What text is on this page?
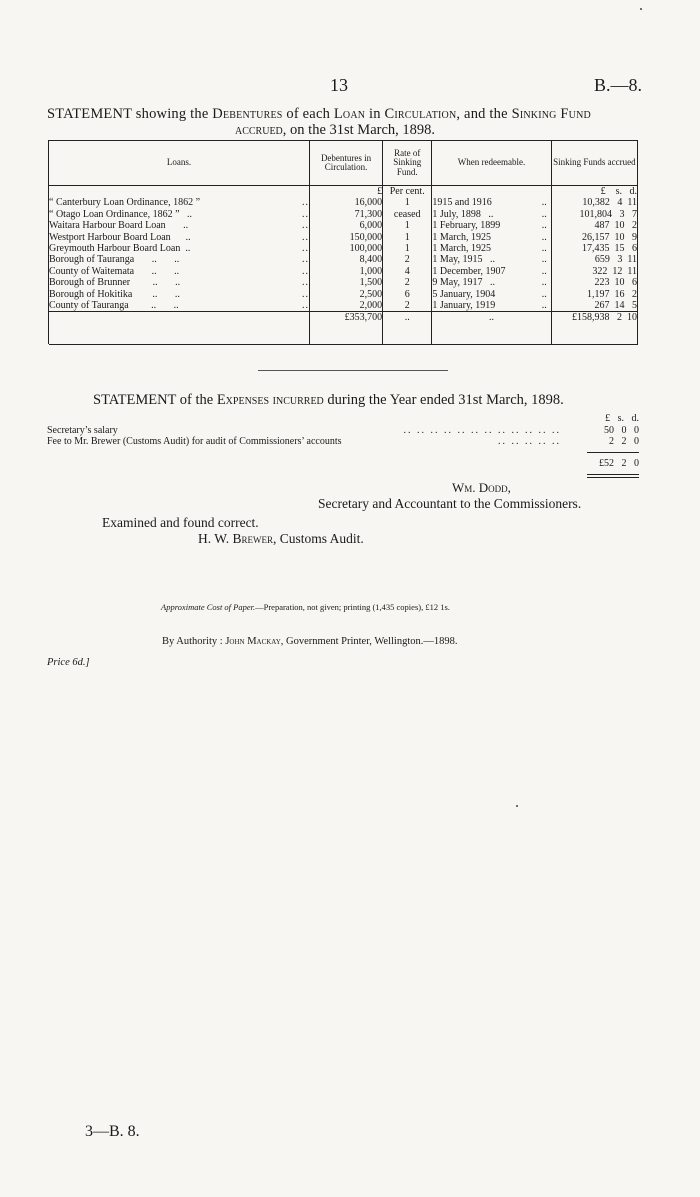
13	B.—8.
STATEMENT showing the Debentures of each Loan in Circulation, and the Sinking Fund
accrued, on the 31st March, 1898.
Loans.		Debentures in Circulation.	Rate of Sinking Fund.	When redeemable.	Sinking Funds accrued
		£	Per cent.		£    s.   d.
“ Canterbury Loan Ordinance, 1862 ”	..	16,000	1	1915 and 1916 ..	10,382   4  11
“ Otago Loan Ordinance, 1862 ”   ..	..	71,300	ceased	1 July, 1898   .. ..	101,804   3   7
Waitara Harbour Board Loan       ..	..	6,000	1	1 February, 1899 ..	487  10   2
Westport Harbour Board Loan      ..	..	150,000	1	1 March, 1925 ..	26,157  10   9
Greymouth Harbour Board Loan  ..	..	100,000	1	1 March, 1925 ..	17,435  15   6
Borough of Tauranga       ..       ..	..	8,400	2	1 May, 1915   .. ..	659   3  11
County of Waitemata       ..       ..	..	1,000	4	1 December, 1907 ..	322  12  11
Borough of Brunner         ..       ..	..	1,500	2	9 May, 1917   .. ..	223  10   6
Borough of Hokitika        ..       ..	..	2,500	6	5 January, 1904 ..	1,197  16   2
County of Tauranga         ..       ..	..	2,000	2	1 January, 1919 ..	267  14   5
		£353,700	..	..	£158,938   2  10

STATEMENT of the Expenses incurred during the Year ended 31st March, 1898.
£   s.   d.
Secretary’s salary	.. .. .. .. .. .. .. .. .. .. .. ..	50   0   0
Fee to Mr. Brewer (Customs Audit) for audit of Commissioners’ accounts	.. .. .. .. ..	2   2   0
£52   2   0
Wm. Dodd,
Secretary and Accountant to the Commissioners.
Examined and found correct.
H. W. Brewer, Customs Audit.
Approximate Cost of Paper.—Preparation, not given; printing (1,435 copies), £12 1s.
By Authority : John Mackay, Government Printer, Wellington.—1898.
Price 6d.]
3—B. 8.
